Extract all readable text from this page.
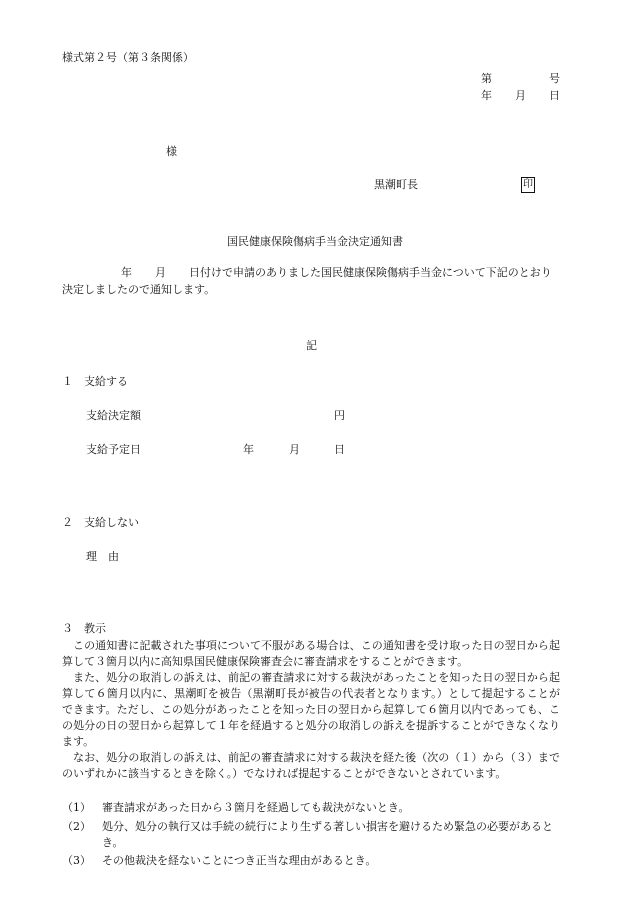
様式第２号（第３条関係）
第	号
年 月 日
様
黒潮町長	印
国民健康保険傷病手当金決定通知書
年 月 日付けで申請のありました国民健康保険傷病手当金について下記のとおり
決定しましたので通知します。
記
１　支給する
支給決定額	円
支給予定日	年	月	日
２　支給しない
理　由
３　教示
この通知書に記載された事項について不服がある場合は、この通知書を受け取った日の翌日から起算して３箇月以内に高知県国民健康保険審査会に審査請求をすることができます。
また、処分の取消しの訴えは、前記の審査請求に対する裁決があったことを知った日の翌日から起算して６箇月以内に、黒潮町を被告（黒潮町長が被告の代表者となります。）として提起することができます。ただし、この処分があったことを知った日の翌日から起算して６箇月以内であっても、この処分の日の翌日から起算して１年を経過すると処分の取消しの訴えを提訴することができなくなります。
なお、処分の取消しの訴えは、前記の審査請求に対する裁決を経た後（次の（１）から（３）までのいずれかに該当するときを除く。）でなければ提起することができないとされています。
（1） 審査請求があった日から３箇月を経過しても裁決がないとき。
（2） 処分、処分の執行又は手続の続行により生ずる著しい損害を避けるため緊急の必要があるとき。
（3） その他裁決を経ないことにつき正当な理由があるとき。
